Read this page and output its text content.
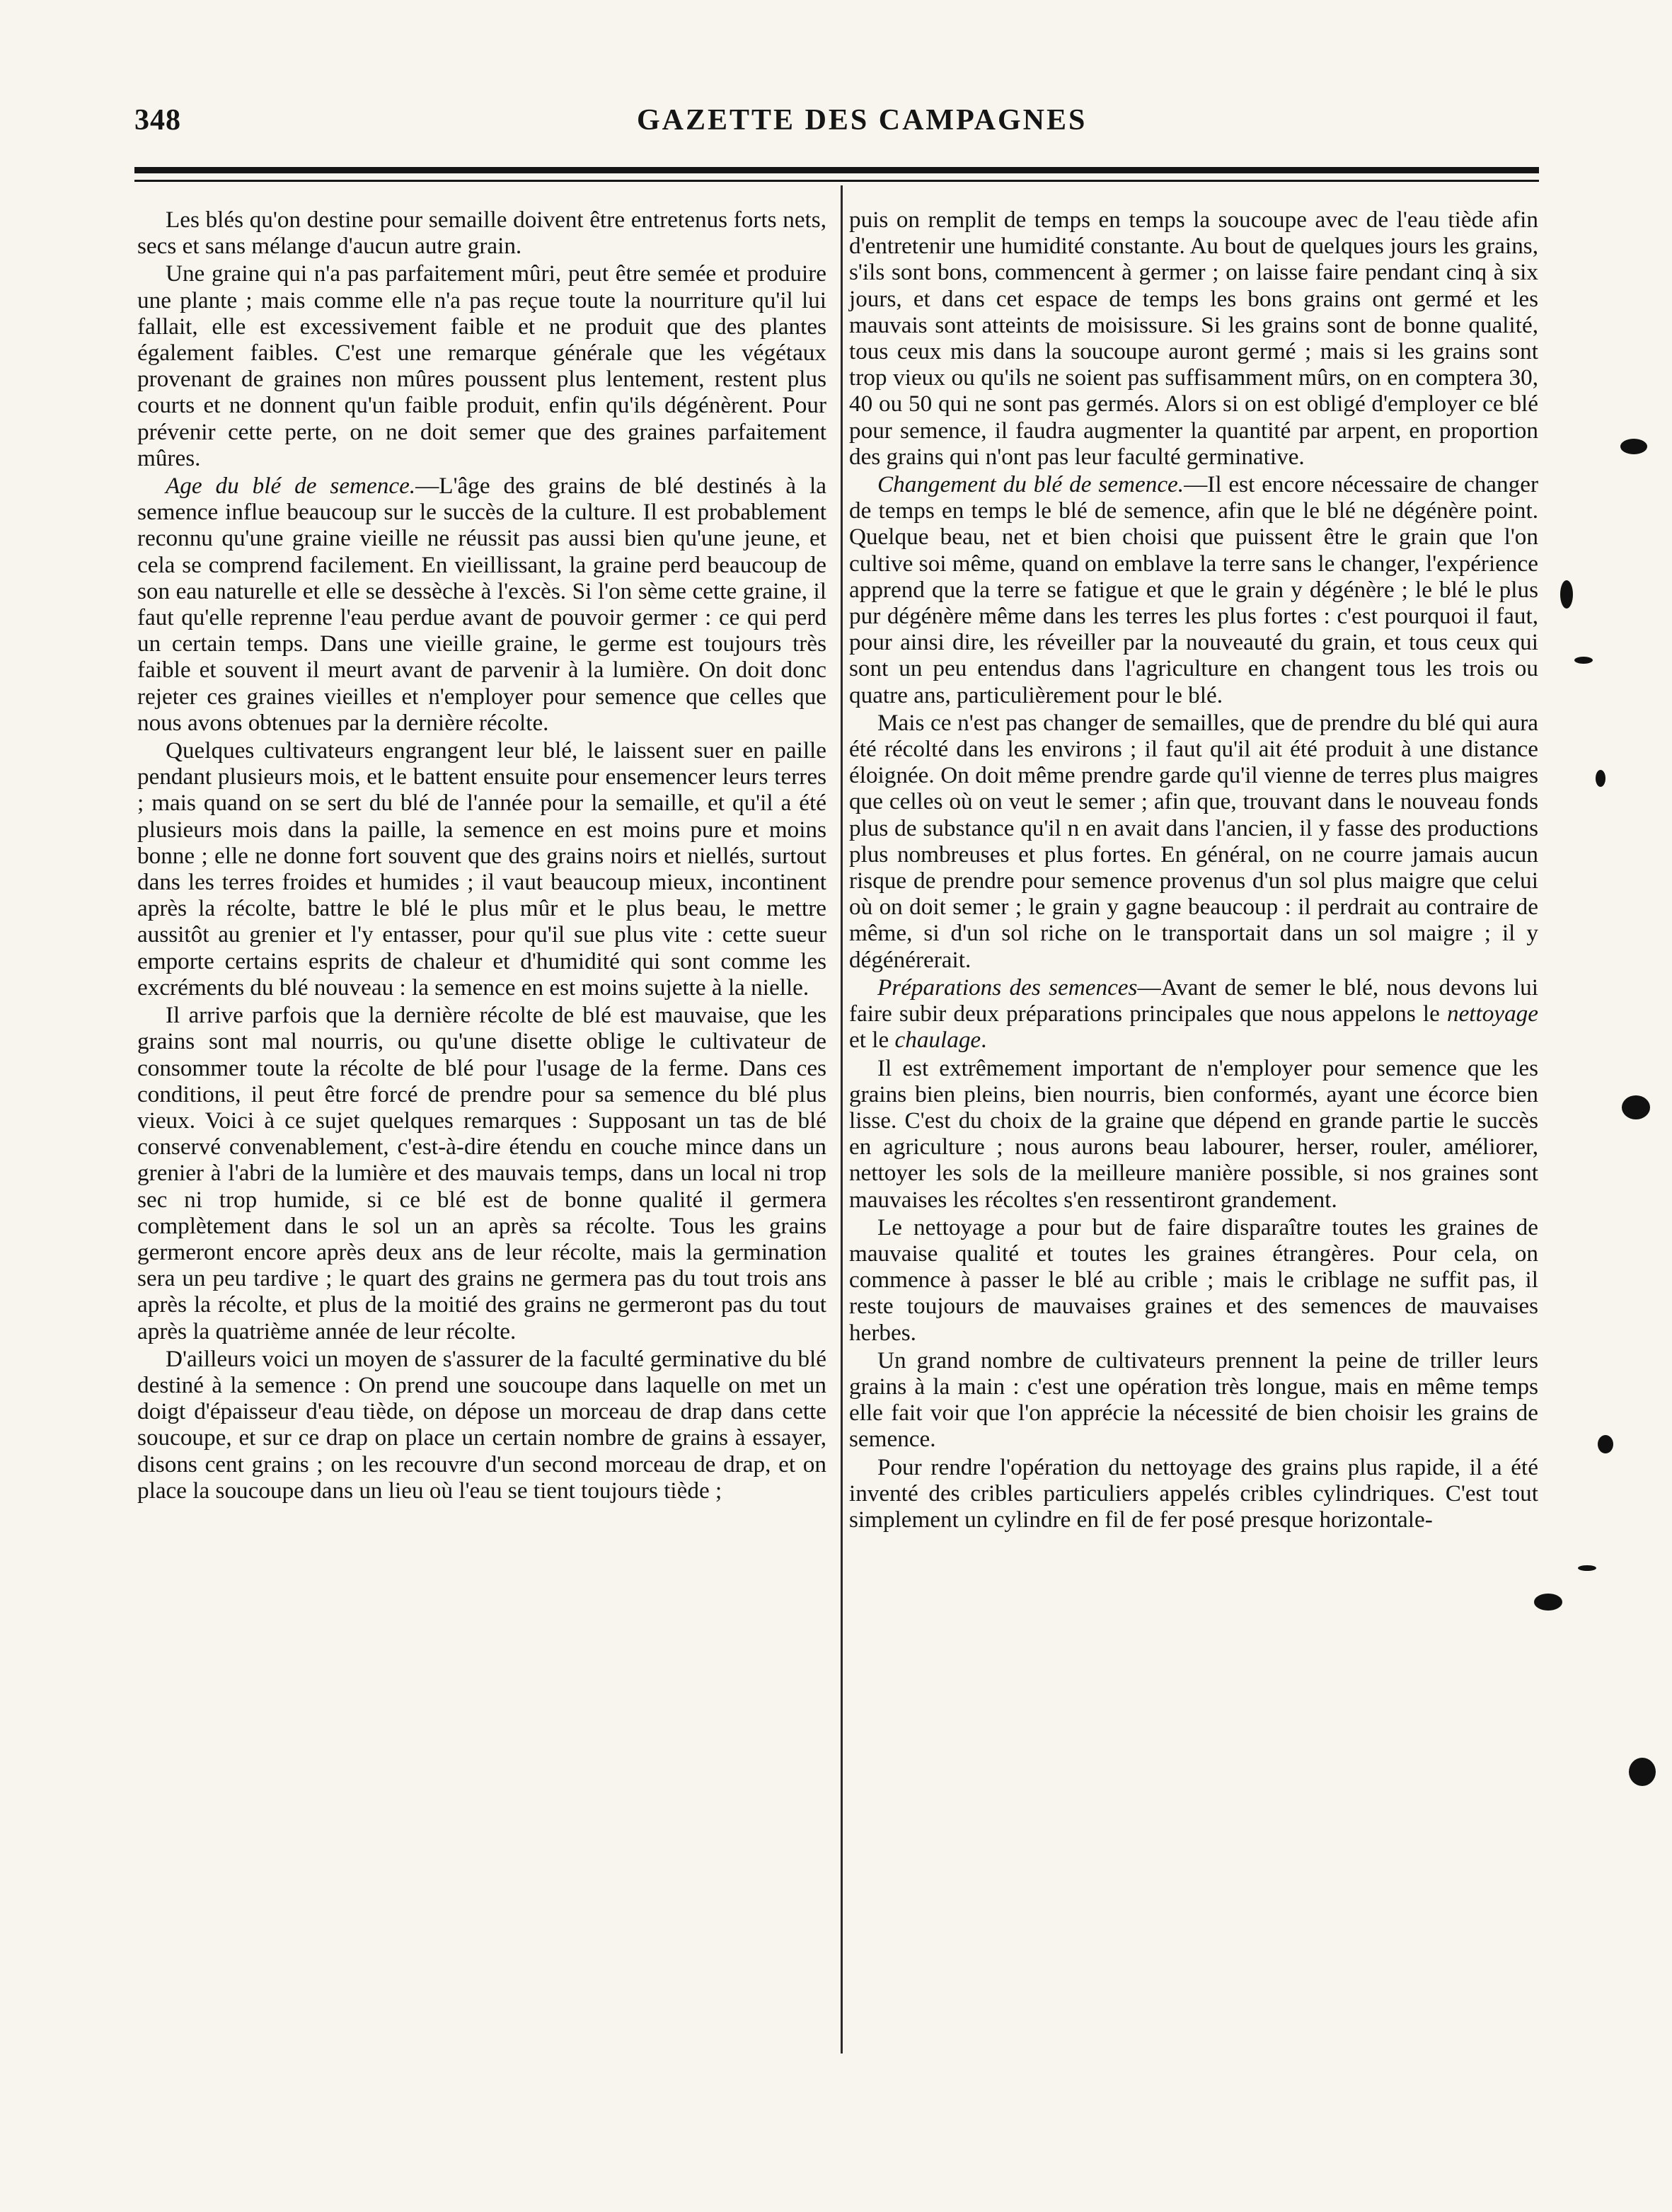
348	GAZETTE DES CAMPAGNES

Les blés qu'on destine pour semaille doivent être entretenus forts nets, secs et sans mélange d'aucun autre grain.

Une graine qui n'a pas parfaitement mûri, peut être semée et produire une plante ; mais comme elle n'a pas reçue toute la nourriture qu'il lui fallait, elle est excessivement faible et ne produit que des plantes également faibles. C'est une remarque générale que les végétaux provenant de graines non mûres poussent plus lentement, restent plus courts et ne donnent qu'un faible produit, enfin qu'ils dégénèrent. Pour prévenir cette perte, on ne doit semer que des graines parfaitement mûres.

Age du blé de semence.—L'âge des grains de blé destinés à la semence influe beaucoup sur le succès de la culture. Il est probablement reconnu qu'une graine vieille ne réussit pas aussi bien qu'une jeune, et cela se comprend facilement. En vieillissant, la graine perd beaucoup de son eau naturelle et elle se dessèche à l'excès. Si l'on sème cette graine, il faut qu'elle reprenne l'eau perdue avant de pouvoir germer : ce qui perd un certain temps. Dans une vieille graine, le germe est toujours très faible et souvent il meurt avant de parvenir à la lumière. On doit donc rejeter ces graines vieilles et n'employer pour semence que celles que nous avons obtenues par la dernière récolte.

Quelques cultivateurs engrangent leur blé, le laissent suer en paille pendant plusieurs mois, et le battent ensuite pour ensemencer leurs terres ; mais quand on se sert du blé de l'année pour la semaille, et qu'il a été plusieurs mois dans la paille, la semence en est moins pure et moins bonne ; elle ne donne fort souvent que des grains noirs et niellés, surtout dans les terres froides et humides ; il vaut beaucoup mieux, incontinent après la récolte, battre le blé le plus mûr et le plus beau, le mettre aussitôt au grenier et l'y entasser, pour qu'il sue plus vite : cette sueur emporte certains esprits de chaleur et d'humidité qui sont comme les excréments du blé nouveau : la semence en est moins sujette à la nielle.

Il arrive parfois que la dernière récolte de blé est mauvaise, que les grains sont mal nourris, ou qu'une disette oblige le cultivateur de consommer toute la récolte de blé pour l'usage de la ferme. Dans ces conditions, il peut être forcé de prendre pour sa semence du blé plus vieux. Voici à ce sujet quelques remarques : Supposant un tas de blé conservé convenablement, c'est-à-dire étendu en couche mince dans un grenier à l'abri de la lumière et des mauvais temps, dans un local ni trop sec ni trop humide, si ce blé est de bonne qualité il germera complètement dans le sol un an après sa récolte. Tous les grains germeront encore après deux ans de leur récolte, mais la germination sera un peu tardive ; le quart des grains ne germera pas du tout trois ans après la récolte, et plus de la moitié des grains ne germeront pas du tout après la quatrième année de leur récolte.

D'ailleurs voici un moyen de s'assurer de la faculté germinative du blé destiné à la semence : On prend une soucoupe dans laquelle on met un doigt d'épaisseur d'eau tiède, on dépose un morceau de drap dans cette soucoupe, et sur ce drap on place un certain nombre de grains à essayer, disons cent grains ; on les recouvre d'un second morceau de drap, et on place la soucoupe dans un lieu où l'eau se tient toujours tiède ;

puis on remplit de temps en temps la soucoupe avec de l'eau tiède afin d'entretenir une humidité constante. Au bout de quelques jours les grains, s'ils sont bons, commencent à germer ; on laisse faire pendant cinq à six jours, et dans cet espace de temps les bons grains ont germé et les mauvais sont atteints de moisissure. Si les grains sont de bonne qualité, tous ceux mis dans la soucoupe auront germé ; mais si les grains sont trop vieux ou qu'ils ne soient pas suffisamment mûrs, on en comptera 30, 40 ou 50 qui ne sont pas germés. Alors si on est obligé d'employer ce blé pour semence, il faudra augmenter la quantité par arpent, en proportion des grains qui n'ont pas leur faculté germinative.

Changement du blé de semence.—Il est encore nécessaire de changer de temps en temps le blé de semence, afin que le blé ne dégénère point. Quelque beau, net et bien choisi que puissent être le grain que l'on cultive soi même, quand on emblave la terre sans le changer, l'expérience apprend que la terre se fatigue et que le grain y dégénère ; le blé le plus pur dégénère même dans les terres les plus fortes : c'est pourquoi il faut, pour ainsi dire, les réveiller par la nouveauté du grain, et tous ceux qui sont un peu entendus dans l'agriculture en changent tous les trois ou quatre ans, particulièrement pour le blé.

Mais ce n'est pas changer de semailles, que de prendre du blé qui aura été récolté dans les environs ; il faut qu'il ait été produit à une distance éloignée. On doit même prendre garde qu'il vienne de terres plus maigres que celles où on veut le semer ; afin que, trouvant dans le nouveau fonds plus de substance qu'il n en avait dans l'ancien, il y fasse des productions plus nombreuses et plus fortes. En général, on ne courre jamais aucun risque de prendre pour semence provenus d'un sol plus maigre que celui où on doit semer ; le grain y gagne beaucoup : il perdrait au contraire de même, si d'un sol riche on le transportait dans un sol maigre ; il y dégénérerait.

Préparations des semences—Avant de semer le blé, nous devons lui faire subir deux préparations principales que nous appelons le nettoyage et le chaulage.

Il est extrêmement important de n'employer pour semence que les grains bien pleins, bien nourris, bien conformés, ayant une écorce bien lisse. C'est du choix de la graine que dépend en grande partie le succès en agriculture ; nous aurons beau labourer, herser, rouler, améliorer, nettoyer les sols de la meilleure manière possible, si nos graines sont mauvaises les récoltes s'en ressentiront grandement.

Le nettoyage a pour but de faire disparaître toutes les graines de mauvaise qualité et toutes les graines étrangères. Pour cela, on commence à passer le blé au crible ; mais le criblage ne suffit pas, il reste toujours de mauvaises graines et des semences de mauvaises herbes.

Un grand nombre de cultivateurs prennent la peine de triller leurs grains à la main : c'est une opération très longue, mais en même temps elle fait voir que l'on apprécie la nécessité de bien choisir les grains de semence.

Pour rendre l'opération du nettoyage des grains plus rapide, il a été inventé des cribles particuliers appelés cribles cylindriques. C'est tout simplement un cylindre en fil de fer posé presque horizontale-
